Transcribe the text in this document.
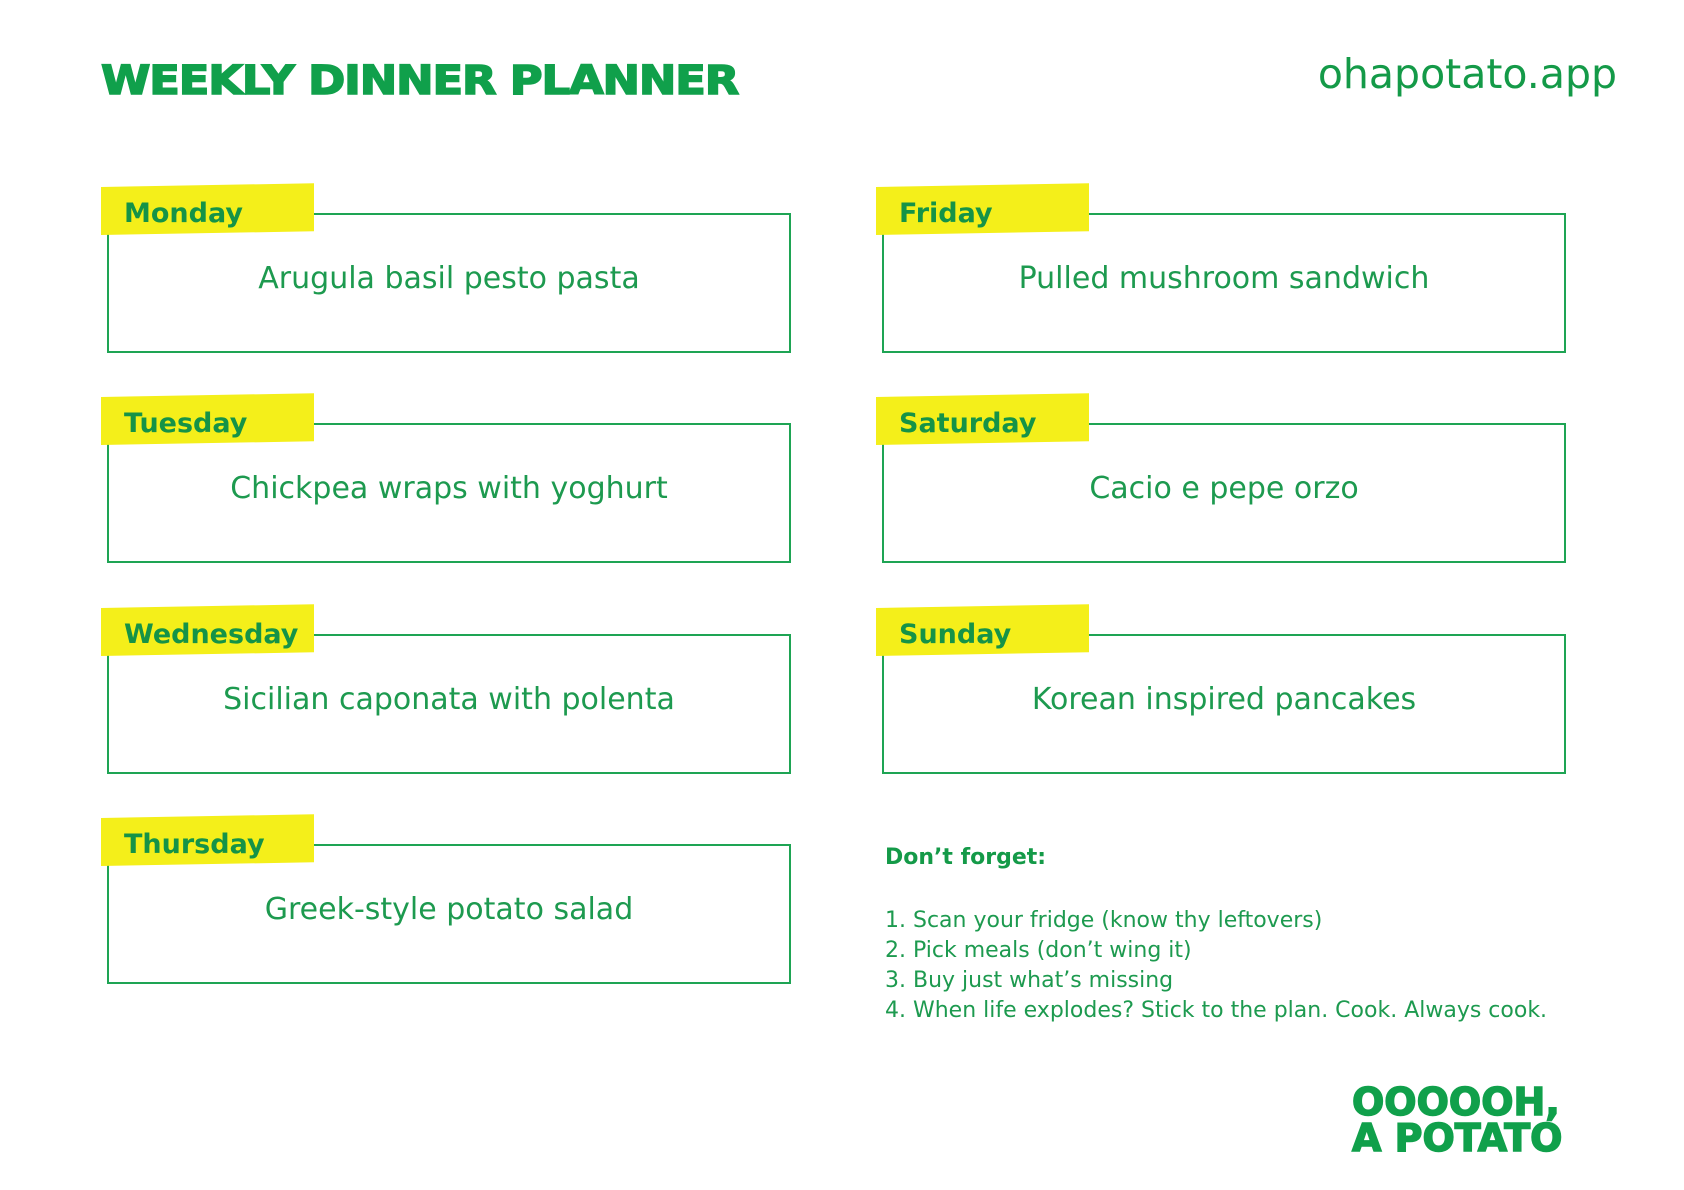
WEEKLY DINNER PLANNER	ohapotato.app
Monday
Arugula basil pesto pasta
Tuesday
Chickpea wraps with yoghurt
Wednesday
Sicilian caponata with polenta
Thursday
Greek-style potato salad
Friday
Pulled mushroom sandwich
Saturday
Cacio e pepe orzo
Sunday
Korean inspired pancakes
Don’t forget:
1. Scan your fridge (know thy leftovers)
2. Pick meals (don’t wing it)
3. Buy just what’s missing
4. When life explodes? Stick to the plan. Cook. Always cook.
OOOOOH,
A POTATO
